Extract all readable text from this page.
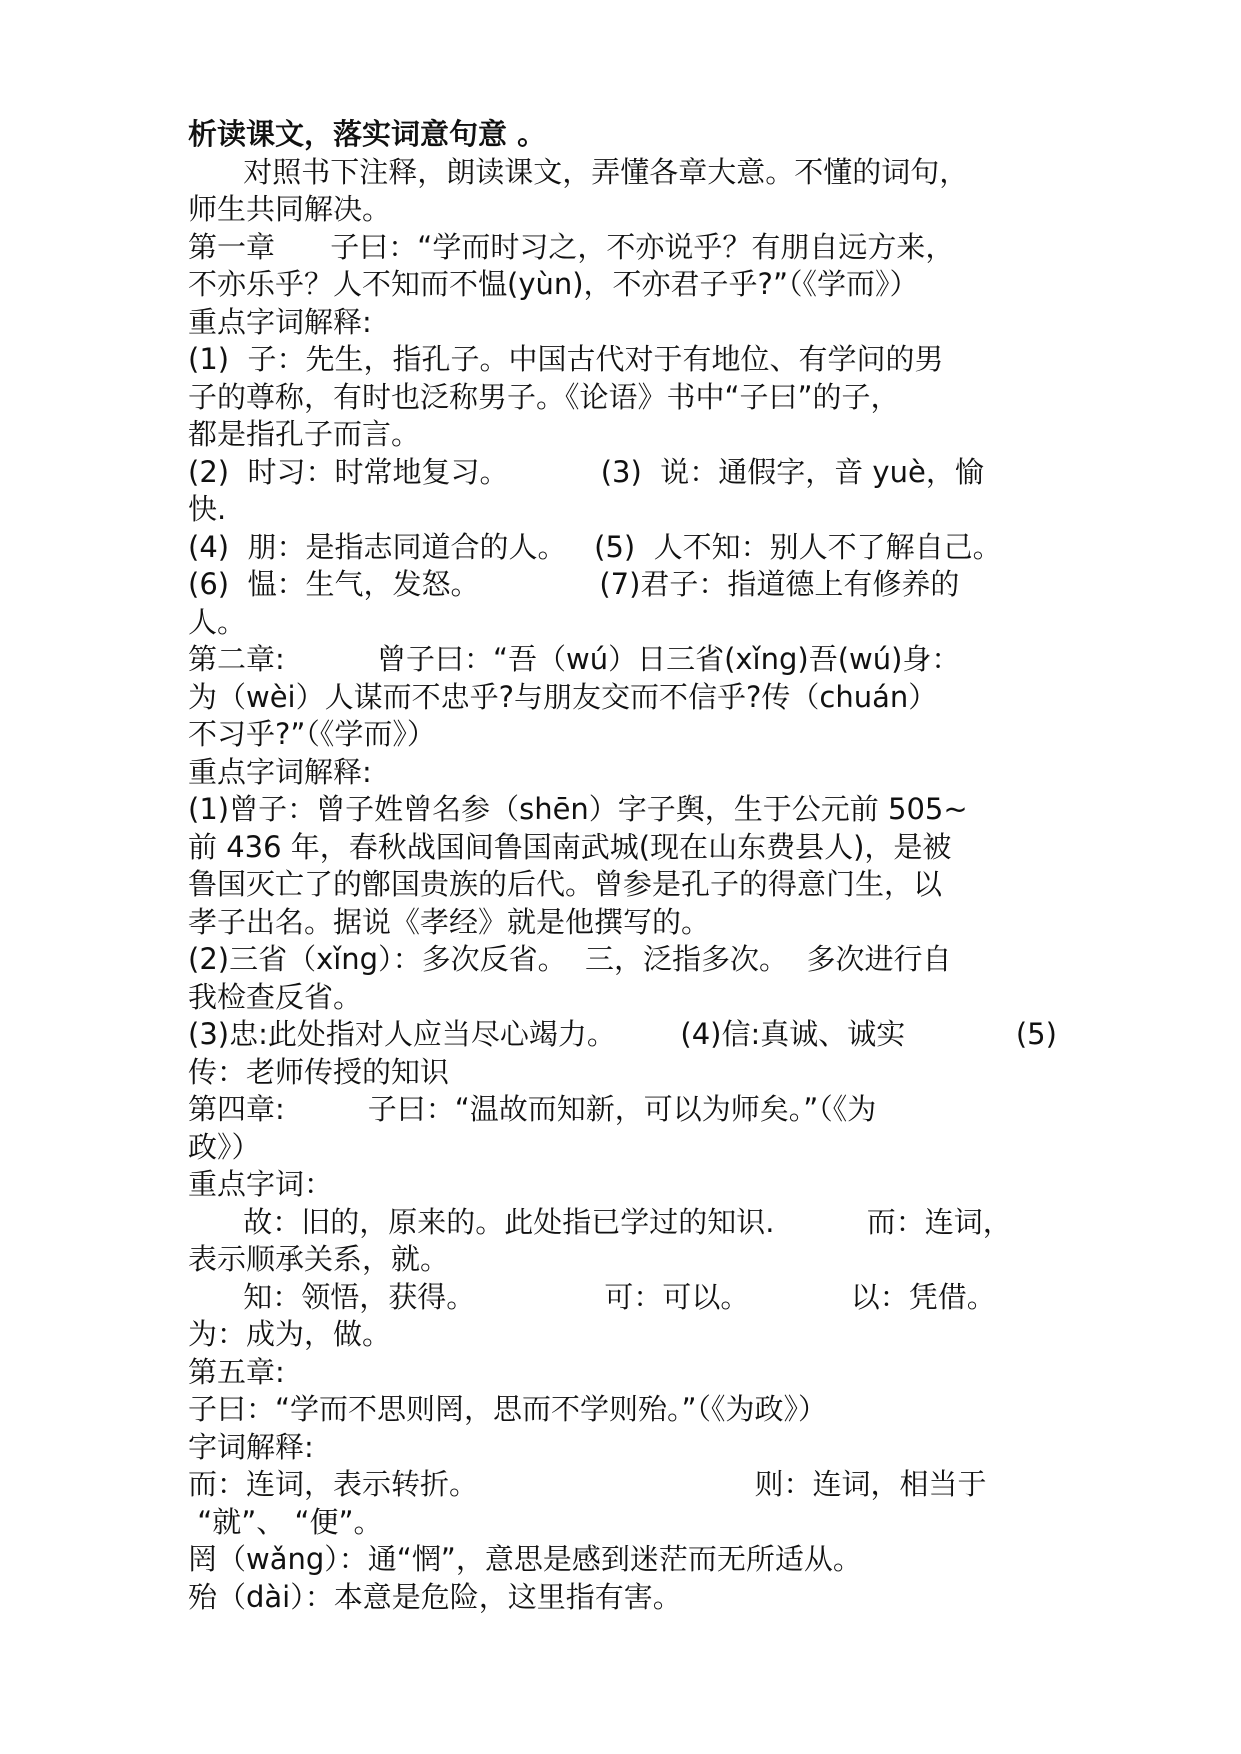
析读课文，落实词意句意 。
对照书下注释，朗读课文，弄懂各章大意。不懂的词句，
师生共同解决。
第一章      子曰：“学而时习之，不亦说乎？有朋自远方来，
不亦乐乎？人不知而不愠(yùn)，不亦君子乎?”（《学而》）
重点字词解释:
(1)  子：先生，指孔子。中国古代对于有地位、有学问的男
子的尊称，有时也泛称男子。《论语》书中“子曰”的子，
都是指孔子而言。
(2)  时习：时常地复习。          (3)  说：通假字，音 yuè，愉
快.
(4)  朋：是指志同道合的人。   (5)  人不知：别人不了解自己。
(6)  愠：生气，发怒。             (7)君子：指道德上有修养的
人。
第二章:          曾子曰：“吾（wú）日三省(xǐng)吾(wú)身：
为（wèi）人谋而不忠乎?与朋友交而不信乎?传（chuán）
不习乎?”（《学而》）
重点字词解释:
(1)曾子：曾子姓曾名参（shēn）字子舆，生于公元前 505~
前 436 年，春秋战国间鲁国南武城(现在山东费县人)，是被
鲁国灭亡了的鄫国贵族的后代。曾参是孔子的得意门生，以
孝子出名。据说《孝经》就是他撰写的。
(2)三省（xǐng）：多次反省。  三，泛指多次。  多次进行自
我检查反省。
(3)忠:此处指对人应当尽心竭力。       (4)信:真诚、诚实            (5)
传：老师传授的知识
第四章:         子曰：“温故而知新，可以为师矣。”（《为
政》）
重点字词：
故：旧的，原来的。此处指已学过的知识.          而：连词，
表示顺承关系，就。
知：领悟，获得。              可：可以。           以：凭借。
为：成为，做。
第五章:
子曰：“学而不思则罔，思而不学则殆。”（《为政》）
字词解释:
而：连词，表示转折。                              则：连词，相当于
“就”、 “便”。
罔（wǎng）：通“惘”，意思是感到迷茫而无所适从。
殆（dài）：本意是危险，这里指有害。
